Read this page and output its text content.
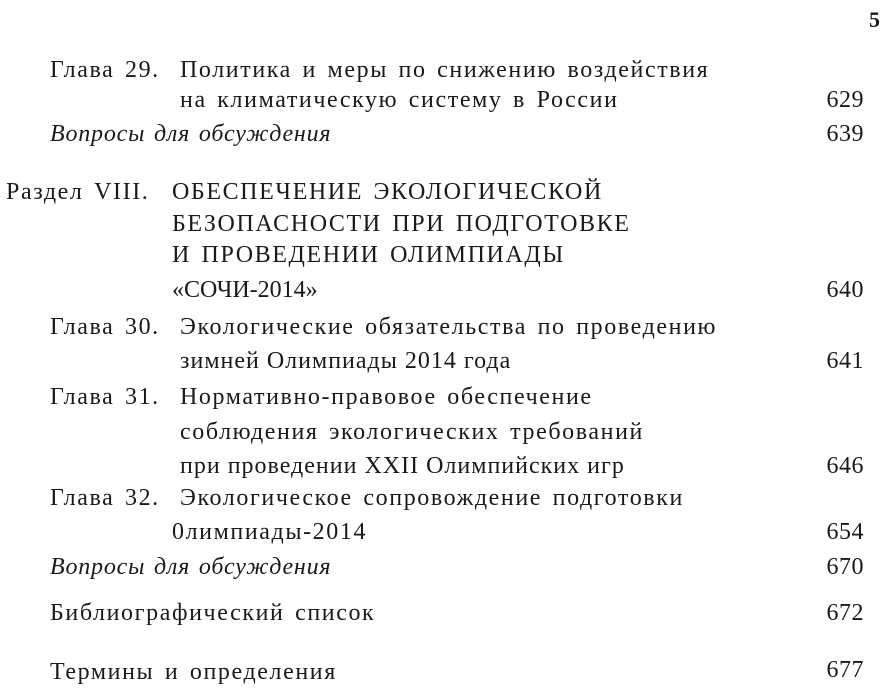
5
Глава 29. Политика и меры по снижению воздействия
на климатическую систему в России	629
Вопросы для обсуждения	639
Раздел VIII. ОБЕСПЕЧЕНИЕ ЭКОЛОГИЧЕСКОЙ
БЕЗОПАСНОСТИ ПРИ ПОДГОТОВКЕ
И ПРОВЕДЕНИИ ОЛИМПИАДЫ
«СОЧИ-2014»	640
Глава 30. Экологические обязательства по проведению
зимней Олимпиады 2014 года	641
Глава 31. Нормативно-правовое обеспечение
соблюдения экологических требований
при проведении XXII Олимпийских игр	646
Глава 32. Экологическое сопровождение подготовки
0лимпиады-2014	654
Вопросы для обсуждения	670
Библиографический список	672
Термины и определения	677
